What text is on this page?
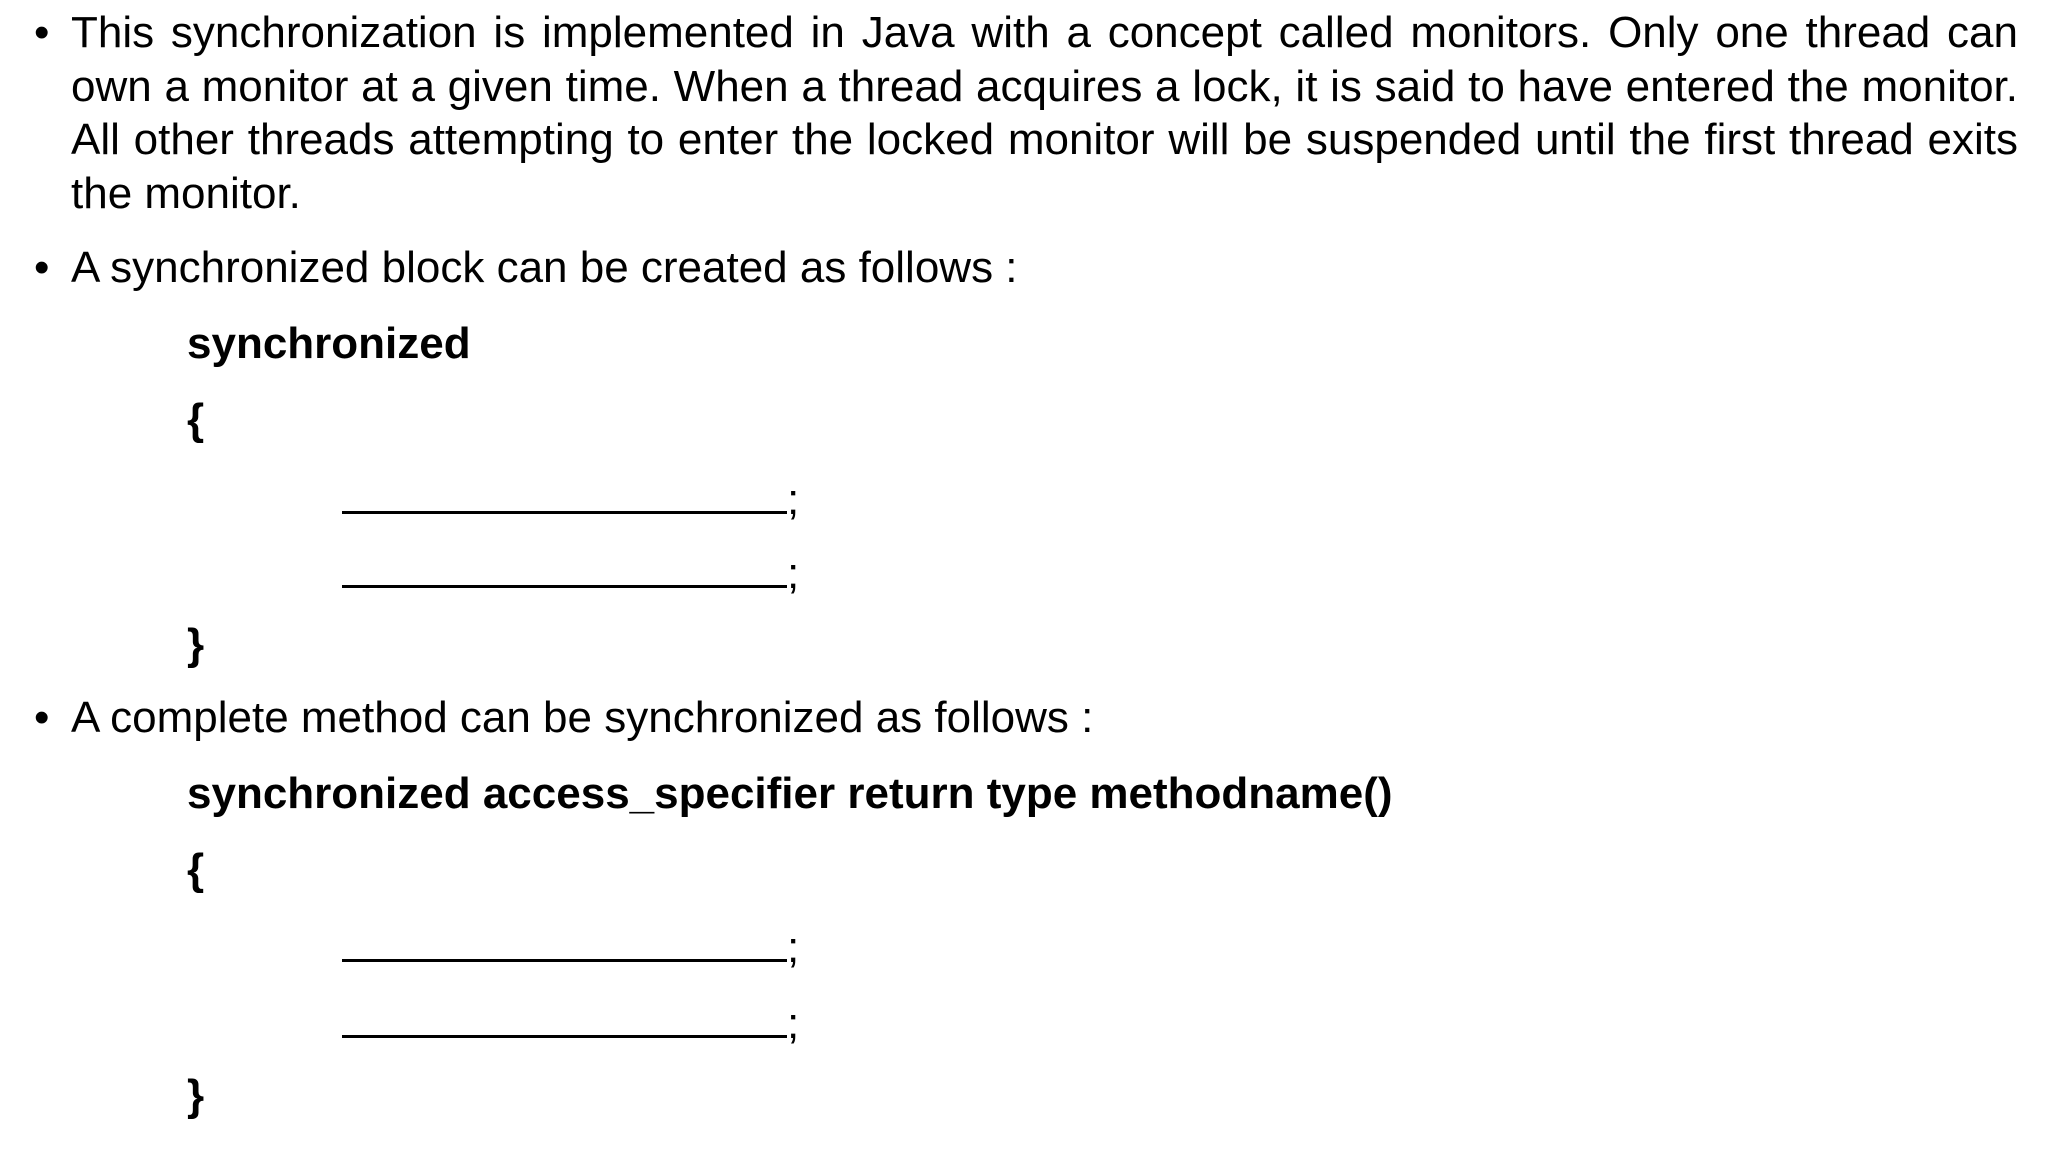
• This synchronization is implemented in Java with a concept called monitors. Only one thread can own a monitor at a given time. When a thread acquires a lock, it is said to have entered the monitor. All other threads attempting to enter the locked monitor will be suspended until the first thread exits the monitor.
• A synchronized block can be created as follows :
synchronized
{
;
;
}
• A complete method can be synchronized as follows :
synchronized access_specifier return type methodname()
{
;
;
}
